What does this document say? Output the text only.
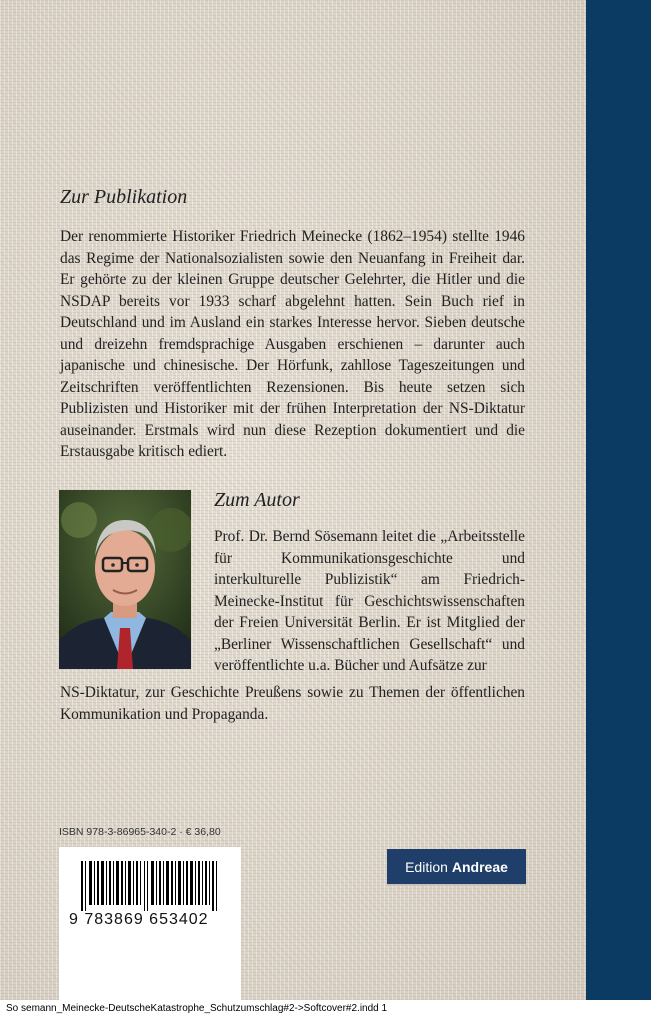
Zur Publikation

Der renommierte Historiker Friedrich Meinecke (1862–1954) stellte 1946 das Regime der Nationalsozialisten sowie den Neuanfang in Freiheit dar. Er gehörte zu der kleinen Gruppe deutscher Gelehrter, die Hitler und die NSDAP bereits vor 1933 scharf abgelehnt hatten. Sein Buch rief in Deutschland und im Ausland ein starkes Interesse hervor. Sieben deutsche und dreizehn fremdsprachige Ausgaben erschienen – darunter auch japanische und chinesische. Der Hörfunk, zahllose Tageszeitungen und Zeitschriften veröffentlichten Rezensionen. Bis heute setzen sich Publizisten und Historiker mit der frühen Interpretation der NS-Diktatur auseinander. Erstmals wird nun diese Rezeption dokumentiert und die Erstausgabe kritisch ediert.

Zum Autor

Prof. Dr. Bernd Sösemann leitet die „Arbeitsstelle für Kommunikationsgeschichte und interkulturelle Publizistik“ am Friedrich-Meinecke-Institut für Geschichtswissenschaften der Freien Universität Berlin. Er ist Mitglied der „Berliner Wissenschaftlichen Gesellschaft“ und veröffentlichte u.a. Bücher und Aufsätze zur

NS-Diktatur, zur Geschichte Preußens sowie zu Themen der öffentlichen Kommunikation und Propaganda.

ISBN 978-3-86965-340-2 · € 36,80
9 783869 653402
Edition Andreae
So semann_Meinecke-DeutscheKatastrophe_Schutzumschlag#2->Softcover#2.indd 1
